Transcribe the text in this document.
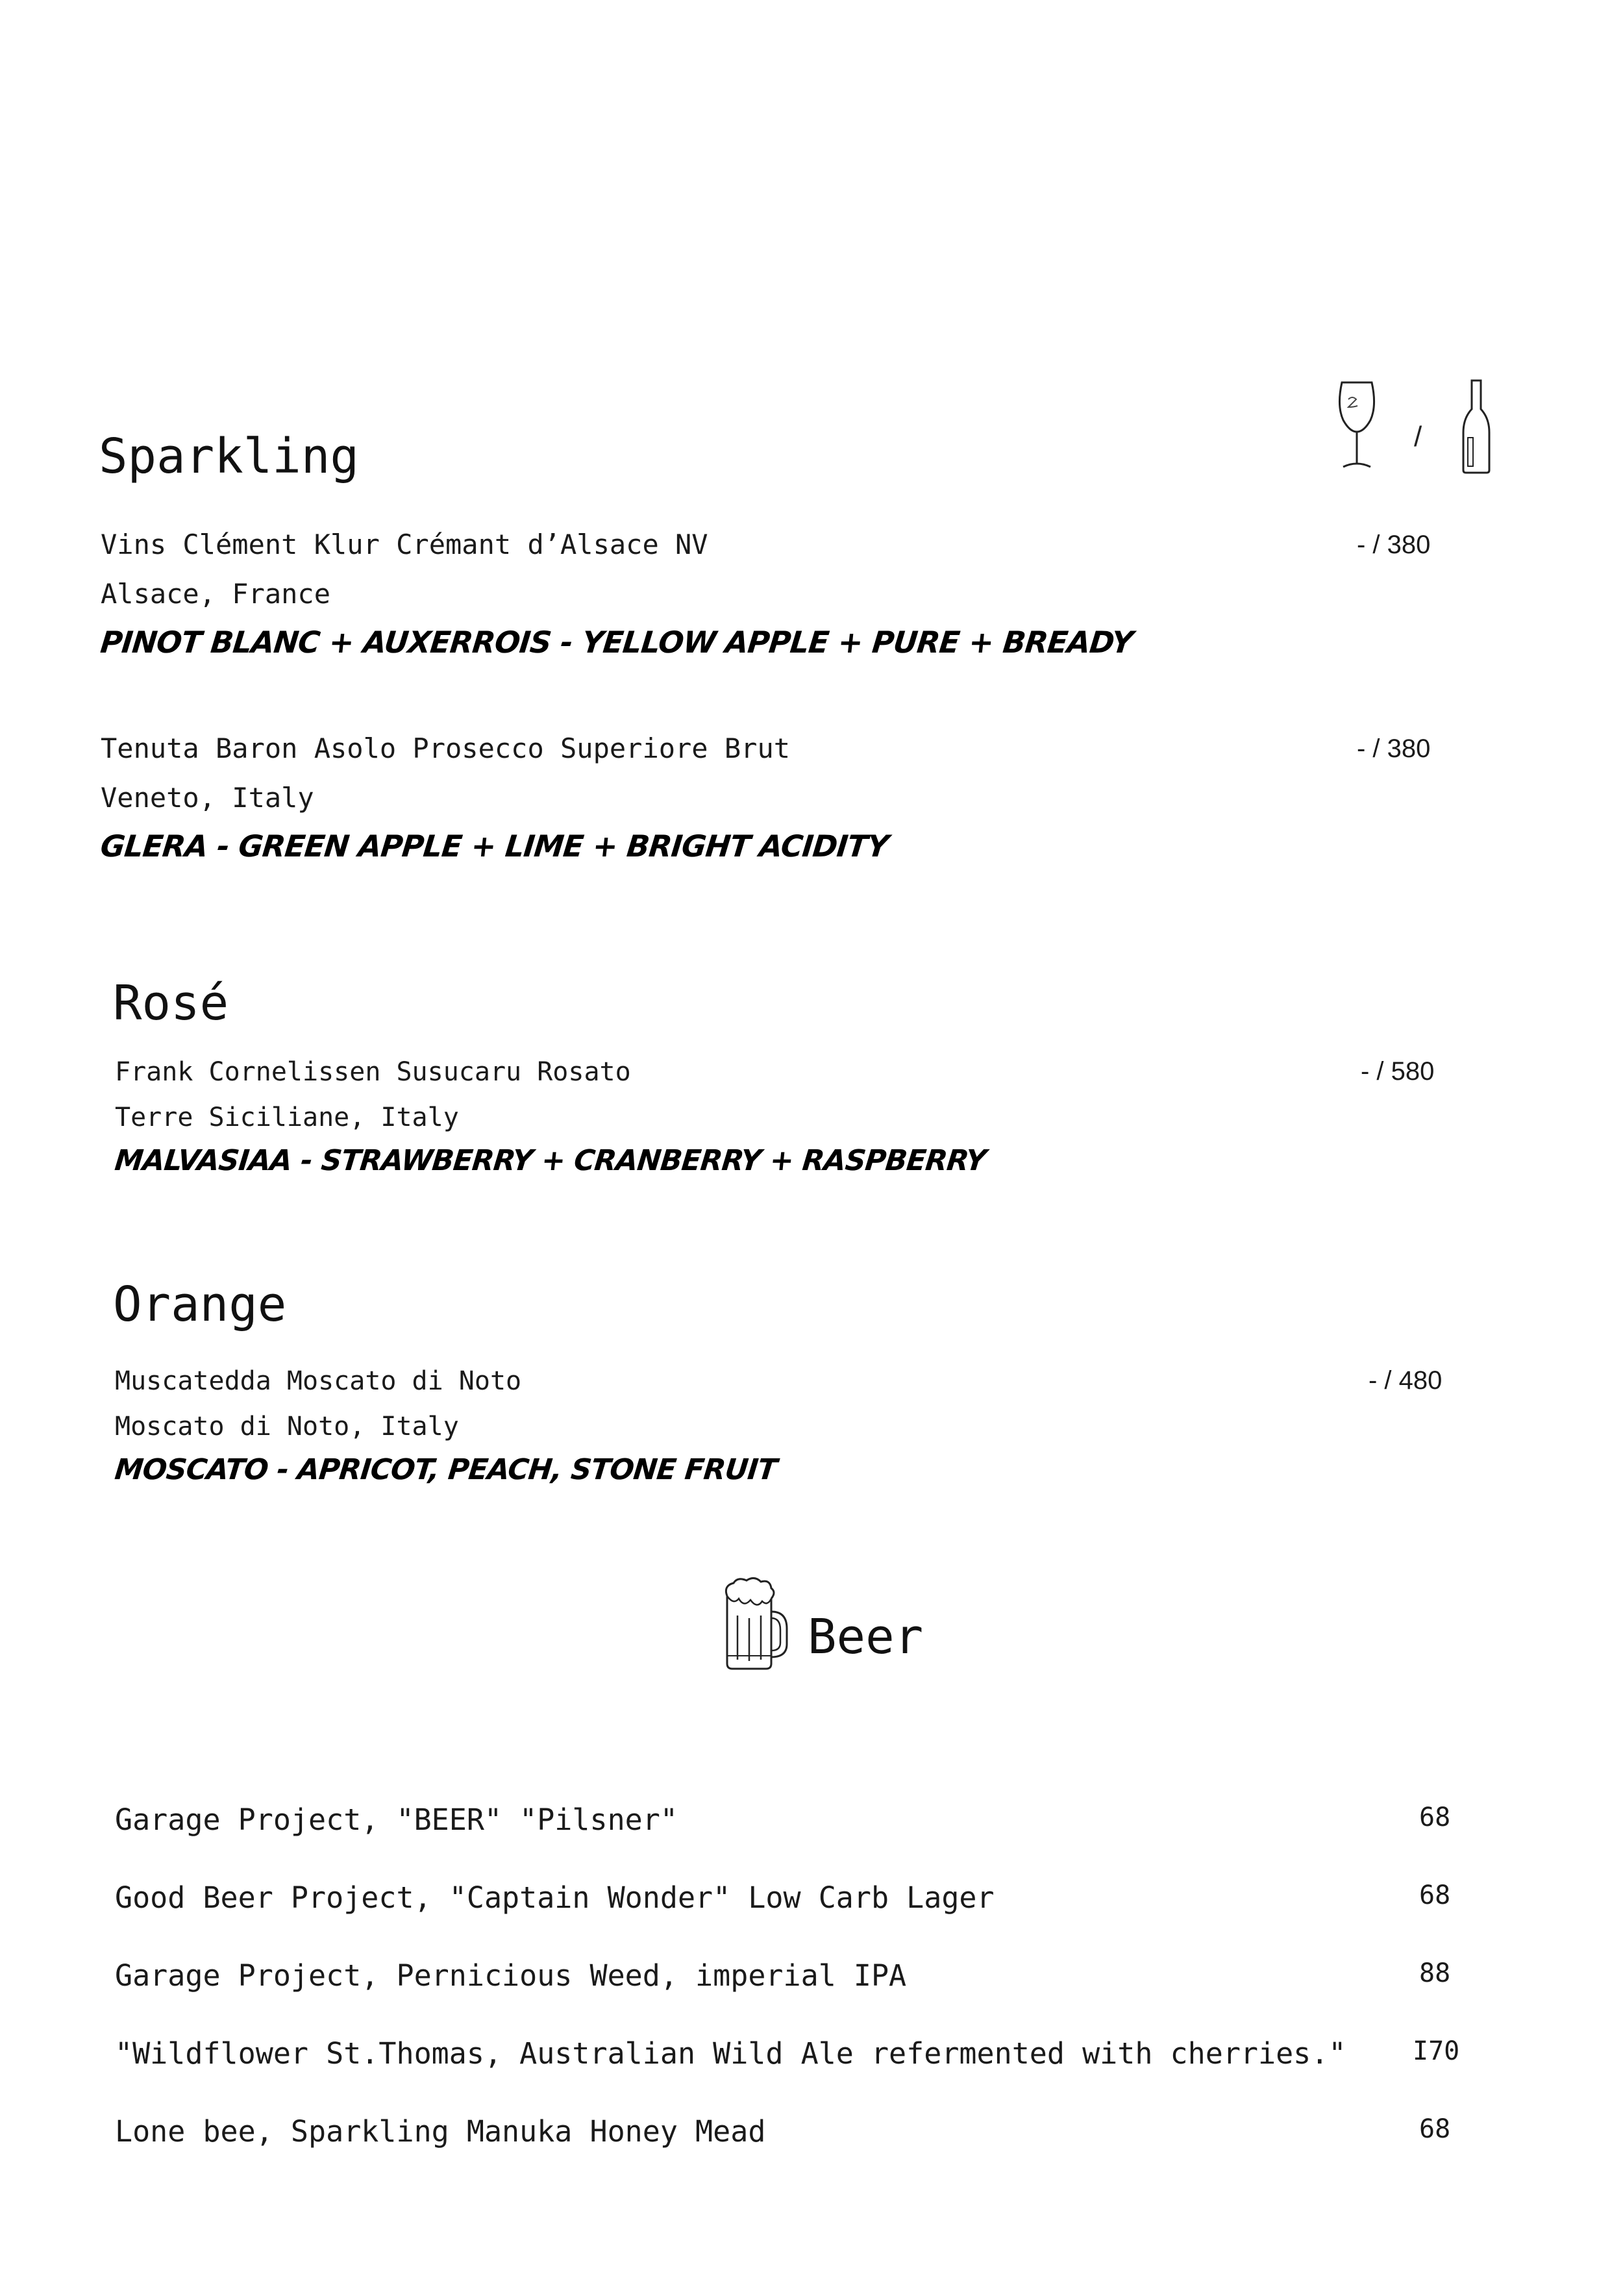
/
Sparkling
Vins Clément Klur Crémant d’Alsace NV	- / 380
Alsace, France
PINOT BLANC + AUXERROIS - YELLOW APPLE + PURE + BREADY
Tenuta Baron Asolo Prosecco Superiore Brut	- / 380
Veneto, Italy
GLERA - GREEN APPLE + LIME + BRIGHT ACIDITY
Rosé
Frank Cornelissen Susucaru Rosato	- / 580
Terre Siciliane, Italy
MALVASIAA - STRAWBERRY + CRANBERRY + RASPBERRY
Orange
Muscatedda Moscato di Noto	- / 480
Moscato di Noto, Italy
MOSCATO - APRICOT, PEACH, STONE FRUIT
Beer
Garage Project, "BEER" "Pilsner"	68
Good Beer Project, "Captain Wonder" Low Carb Lager	68
Garage Project, Pernicious Weed, imperial IPA	88
"Wildflower St.Thomas, Australian Wild Ale refermented with cherries."	I70
Lone bee, Sparkling Manuka Honey Mead	68
